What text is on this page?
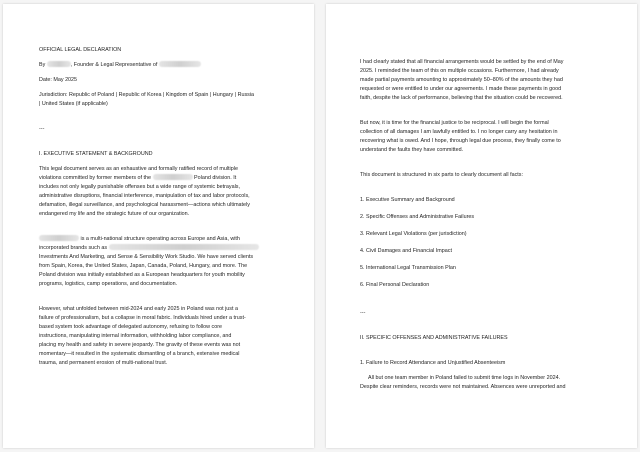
OFFICIAL LEGAL DECLARATION

By	, Founder & Legal Representative of

Date: May 2025

Jurisdiction: Republic of Poland | Republic of Korea | Kingdom of Spain | Hungary | Russia

| United States (if applicable)

---

I. EXECUTIVE STATEMENT & BACKGROUND

This legal document serves as an exhaustive and formally ratified record of multiple

violations committed by former members of the	Poland division. It

includes not only legally punishable offenses but a wide range of systemic betrayals,

administrative disruptions, financial interference, manipulation of tax and labor protocols,

defamation, illegal surveillance, and psychological harassment—actions which ultimately

endangered my life and the strategic future of our organization.

is a multi-national structure operating across Europe and Asia, with

incorporated brands such as

Investments And Marketing, and Sense & Sensibility Work Studio. We have served clients

from Spain, Korea, the United States, Japan, Canada, Poland, Hungary, and more. The

Poland division was initially established as a European headquarters for youth mobility

programs, logistics, camp operations, and documentation.

However, what unfolded between mid-2024 and early 2025 in Poland was not just a

failure of professionalism, but a collapse in moral fabric. Individuals hired under a trust-

based system took advantage of delegated autonomy, refusing to follow core

instructions, manipulating internal information, withholding labor compliance, and

placing my health and safety in severe jeopardy. The gravity of these events was not

momentary—it resulted in the systematic dismantling of a branch, extensive medical

trauma, and permanent erosion of multi-national trust.

I had clearly stated that all financial arrangements would be settled by the end of May

2025. I reminded the team of this on multiple occasions. Furthermore, I had already

made partial payments amounting to approximately 50–80% of the amounts they had

requested or were entitled to under our agreements. I made these payments in good

faith, despite the lack of performance, believing that the situation could be recovered.

But now, it is time for the financial justice to be reciprocal. I will begin the formal

collection of all damages I am lawfully entitled to. I no longer carry any hesitation in

recovering what is owed. And I hope, through legal due process, they finally come to

understand the faults they have committed.

This document is structured in six parts to clearly document all facts:

1. Executive Summary and Background
2. Specific Offenses and Administrative Failures
3. Relevant Legal Violations (per jurisdiction)
4. Civil Damages and Financial Impact
5. International Legal Transmission Plan
6. Final Personal Declaration

---

II. SPECIFIC OFFENSES AND ADMINISTRATIVE FAILURES

1. Failure to Record Attendance and Unjustified Absenteeism

All but one team member in Poland failed to submit time logs in November 2024.

Despite clear reminders, records were not maintained. Absences were unreported and
